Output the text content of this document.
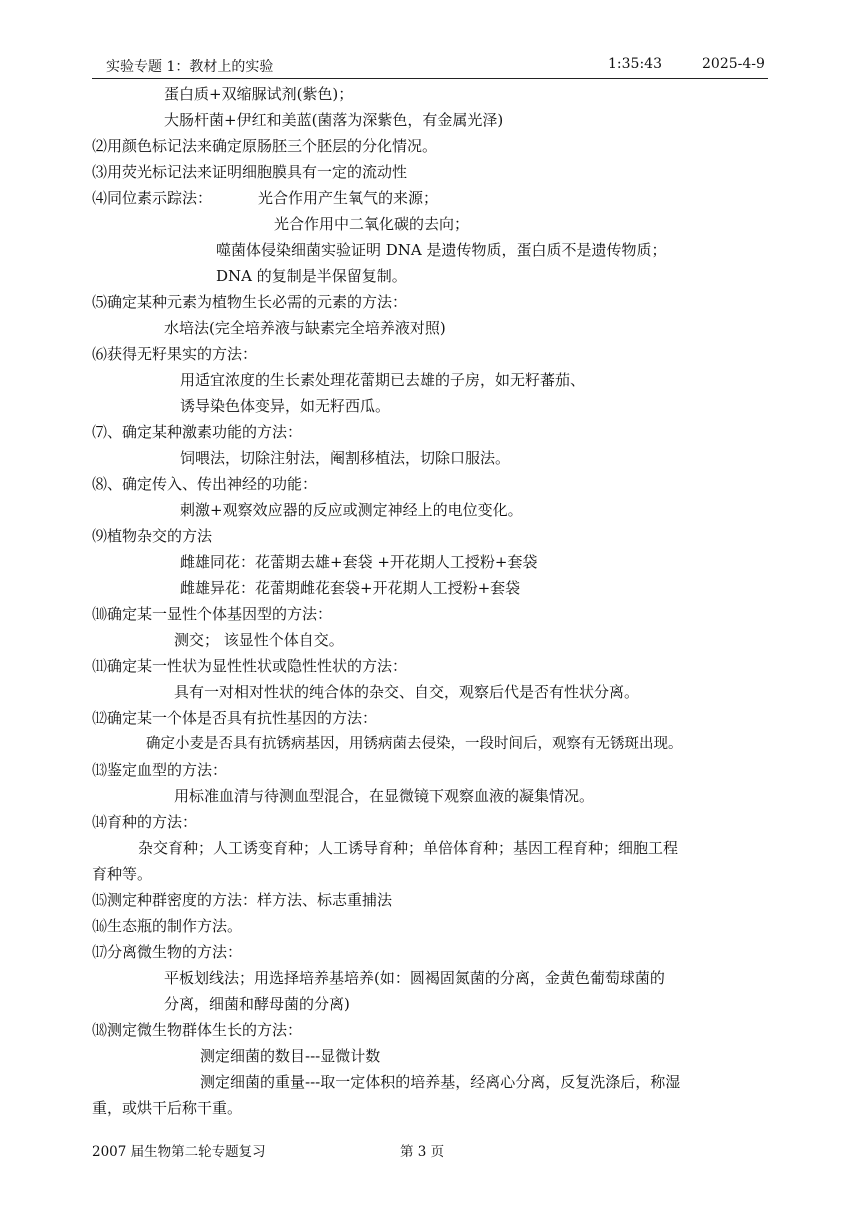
实验专题 1：教材上的实验	1:35:43	2025-4-9
蛋白质+双缩脲试剂(紫色)；
大肠杆菌+伊红和美蓝(菌落为深紫色，有金属光泽)
⑵用颜色标记法来确定原肠胚三个胚层的分化情况。
⑶用荧光标记法来证明细胞膜具有一定的流动性
⑷同位素示踪法：	光合作用产生氧气的来源；
光合作用中二氧化碳的去向；
噬菌体侵染细菌实验证明 DNA 是遗传物质，蛋白质不是遗传物质；
DNA 的复制是半保留复制。
⑸确定某种元素为植物生长必需的元素的方法：
水培法(完全培养液与缺素完全培养液对照)
⑹获得无籽果实的方法：
用适宜浓度的生长素处理花蕾期已去雄的子房，如无籽蕃茄、
诱导染色体变异，如无籽西瓜。
⑺、确定某种激素功能的方法：
饲喂法，切除注射法，阉割移植法，切除口服法。
⑻、确定传入、传出神经的功能：
刺激+观察效应器的反应或测定神经上的电位变化。
⑼植物杂交的方法
雌雄同花：花蕾期去雄+套袋 +开花期人工授粉+套袋
雌雄异花：花蕾期雌花套袋+开花期人工授粉+套袋
⑽确定某一显性个体基因型的方法：
测交； 该显性个体自交。
⑾确定某一性状为显性性状或隐性性状的方法：
具有一对相对性状的纯合体的杂交、自交，观察后代是否有性状分离。
⑿确定某一个体是否具有抗性基因的方法：
确定小麦是否具有抗锈病基因，用锈病菌去侵染，一段时间后，观察有无锈斑出现。
⒀鉴定血型的方法：
用标准血清与待测血型混合，在显微镜下观察血液的凝集情况。
⒁育种的方法：
杂交育种；人工诱变育种；人工诱导育种；单倍体育种；基因工程育种；细胞工程
育种等。
⒂测定种群密度的方法：样方法、标志重捕法
⒃生态瓶的制作方法。
⒄分离微生物的方法：
平板划线法；用选择培养基培养(如：圆褐固氮菌的分离，金黄色葡萄球菌的
分离，细菌和酵母菌的分离)
⒅测定微生物群体生长的方法：
测定细菌的数目---显微计数
测定细菌的重量---取一定体积的培养基，经离心分离，反复洗涤后，称湿
重，或烘干后称干重。
2007 届生物第二轮专题复习	第 3 页
